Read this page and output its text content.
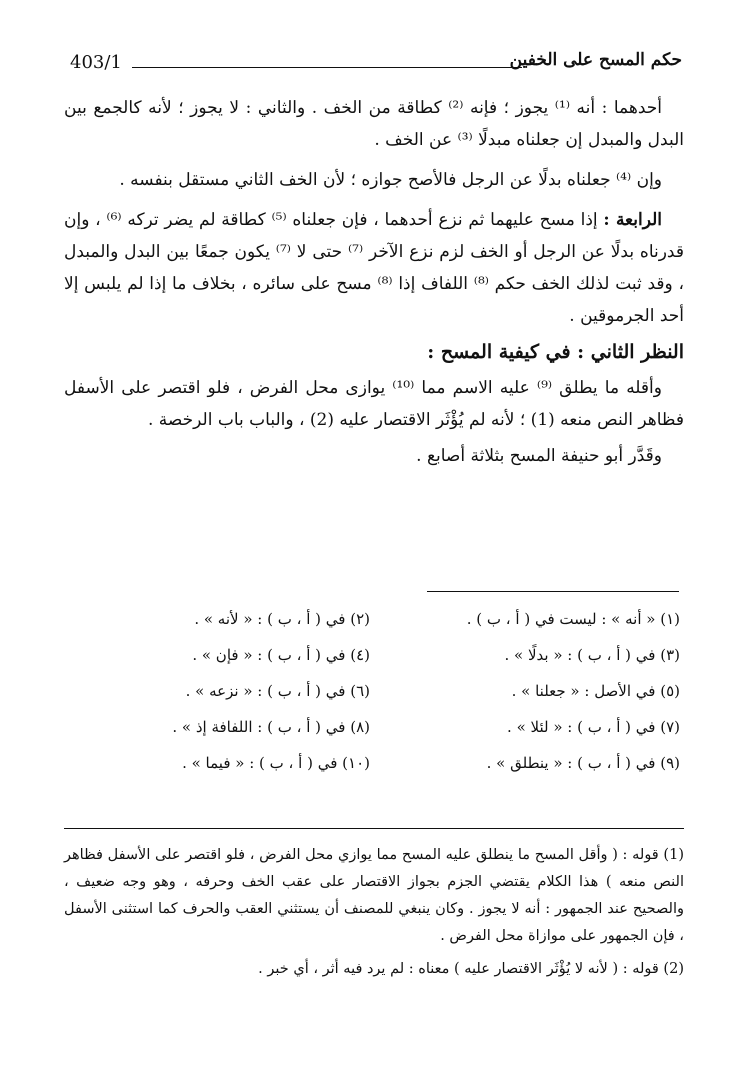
403/1	حكم المسح على الخفين

أحدهما : أنه ⁽¹⁾ يجوز ؛ فإنه ⁽²⁾ كطاقة من الخف . والثاني : لا يجوز ؛ لأنه كالجمع بين البدل والمبدل إن جعلناه مبدلًا ⁽³⁾ عن الخف .

وإن ⁽⁴⁾ جعلناه بدلًا عن الرجل فالأصح جوازه ؛ لأن الخف الثاني مستقل بنفسه .

الرابعة : إذا مسح عليهما ثم نزع أحدهما ، فإن جعلناه ⁽⁵⁾ كطاقة لم يضر تركه ⁽⁶⁾ ، وإن قدرناه بدلًا عن الرجل أو الخف لزم نزع الآخر ⁽⁷⁾ حتى لا ⁽⁷⁾ يكون جمعًا بين البدل والمبدل ، وقد ثبت لذلك الخف حكم ⁽⁸⁾ اللفاف إذا ⁽⁸⁾ مسح على سائره ، بخلاف ما إذا لم يلبس إلا أحد الجرموقين .

النظر الثاني : في كيفية المسح :

وأقله ما يطلق ⁽⁹⁾ عليه الاسم مما ⁽¹⁰⁾ يوازى محل الفرض ، فلو اقتصر على الأسفل فظاهر النص منعه (1) ؛ لأنه لم يُؤْثَر الاقتصار عليه (2) ، والباب باب الرخصة .

وقَدَّر أبو حنيفة المسح بثلاثة أصابع .

(١) « أنه » : ليست في ( أ ، ب ) .
(٢) في ( أ ، ب ) : « لأنه » .
(٣) في ( أ ، ب ) : « بدلًا » .
(٤) في ( أ ، ب ) : « فإن » .
(٥) في الأصل : « جعلنا » .
(٦) في ( أ ، ب ) : « نزعه » .
(٧) في ( أ ، ب ) : « لئلا » .
(٨) في ( أ ، ب ) : اللفافة إذ » .
(٩) في ( أ ، ب ) : « ينطلق » .
(١٠) في ( أ ، ب ) : « فيما » .

(1) قوله : ( وأقل المسح ما ينطلق عليه المسح مما يوازي محل الفرض ، فلو اقتصر على الأسفل فظاهر النص منعه ) هذا الكلام يقتضي الجزم بجواز الاقتصار على عقب الخف وحرفه ، وهو وجه ضعيف ، والصحيح عند الجمهور : أنه لا يجوز . وكان ينبغي للمصنف أن يستثني العقب والحرف كما استثنى الأسفل ، فإن الجمهور على موازاة محل الفرض .

(2) قوله : ( لأنه لا يُؤْثَر الاقتصار عليه ) معناه : لم يرد فيه أثر ، أي خبر .
